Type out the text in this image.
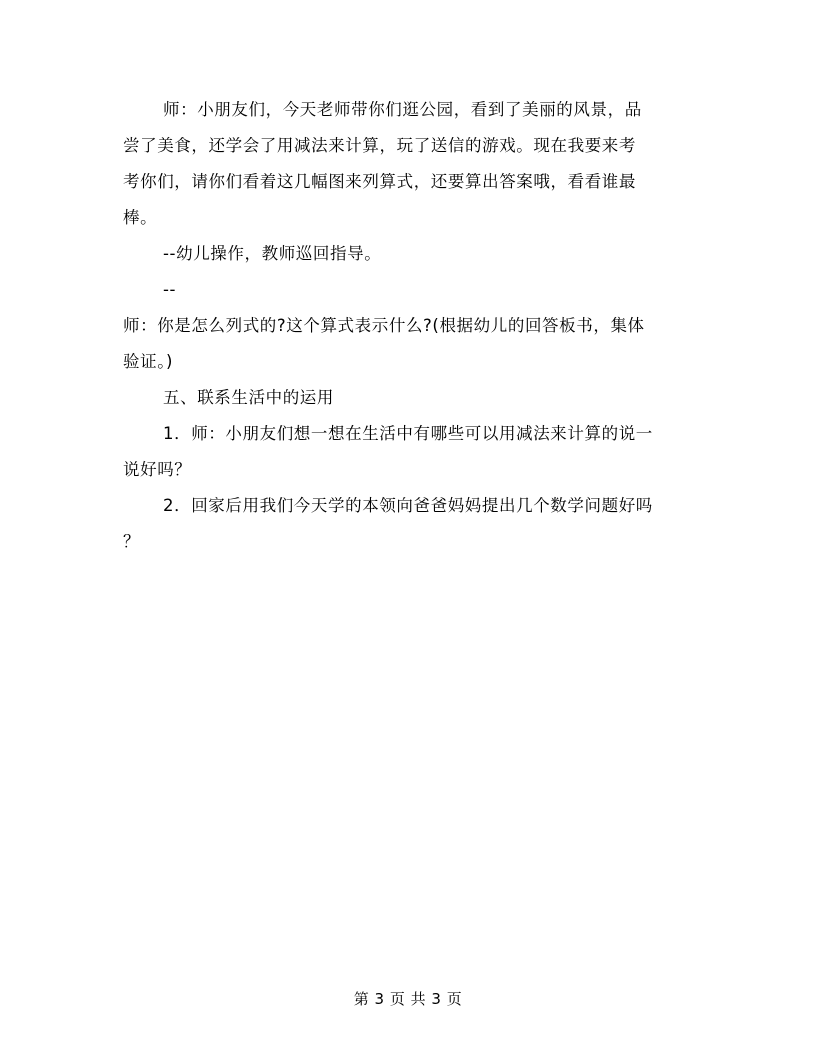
师：小朋友们，今天老师带你们逛公园，看到了美丽的风景，品
尝了美食，还学会了用减法来计算，玩了送信的游戏。现在我要来考
考你们，请你们看着这几幅图来列算式，还要算出答案哦，看看谁最
棒。

--幼儿操作，教师巡回指导。

--

师：你是怎么列式的?这个算式表示什么?(根据幼儿的回答板书，集体
验证。)

五、联系生活中的运用

1．师：小朋友们想一想在生活中有哪些可以用减法来计算的说一
说好吗？

2．回家后用我们今天学的本领向爸爸妈妈提出几个数学问题好吗
？

第 3 页 共 3 页
